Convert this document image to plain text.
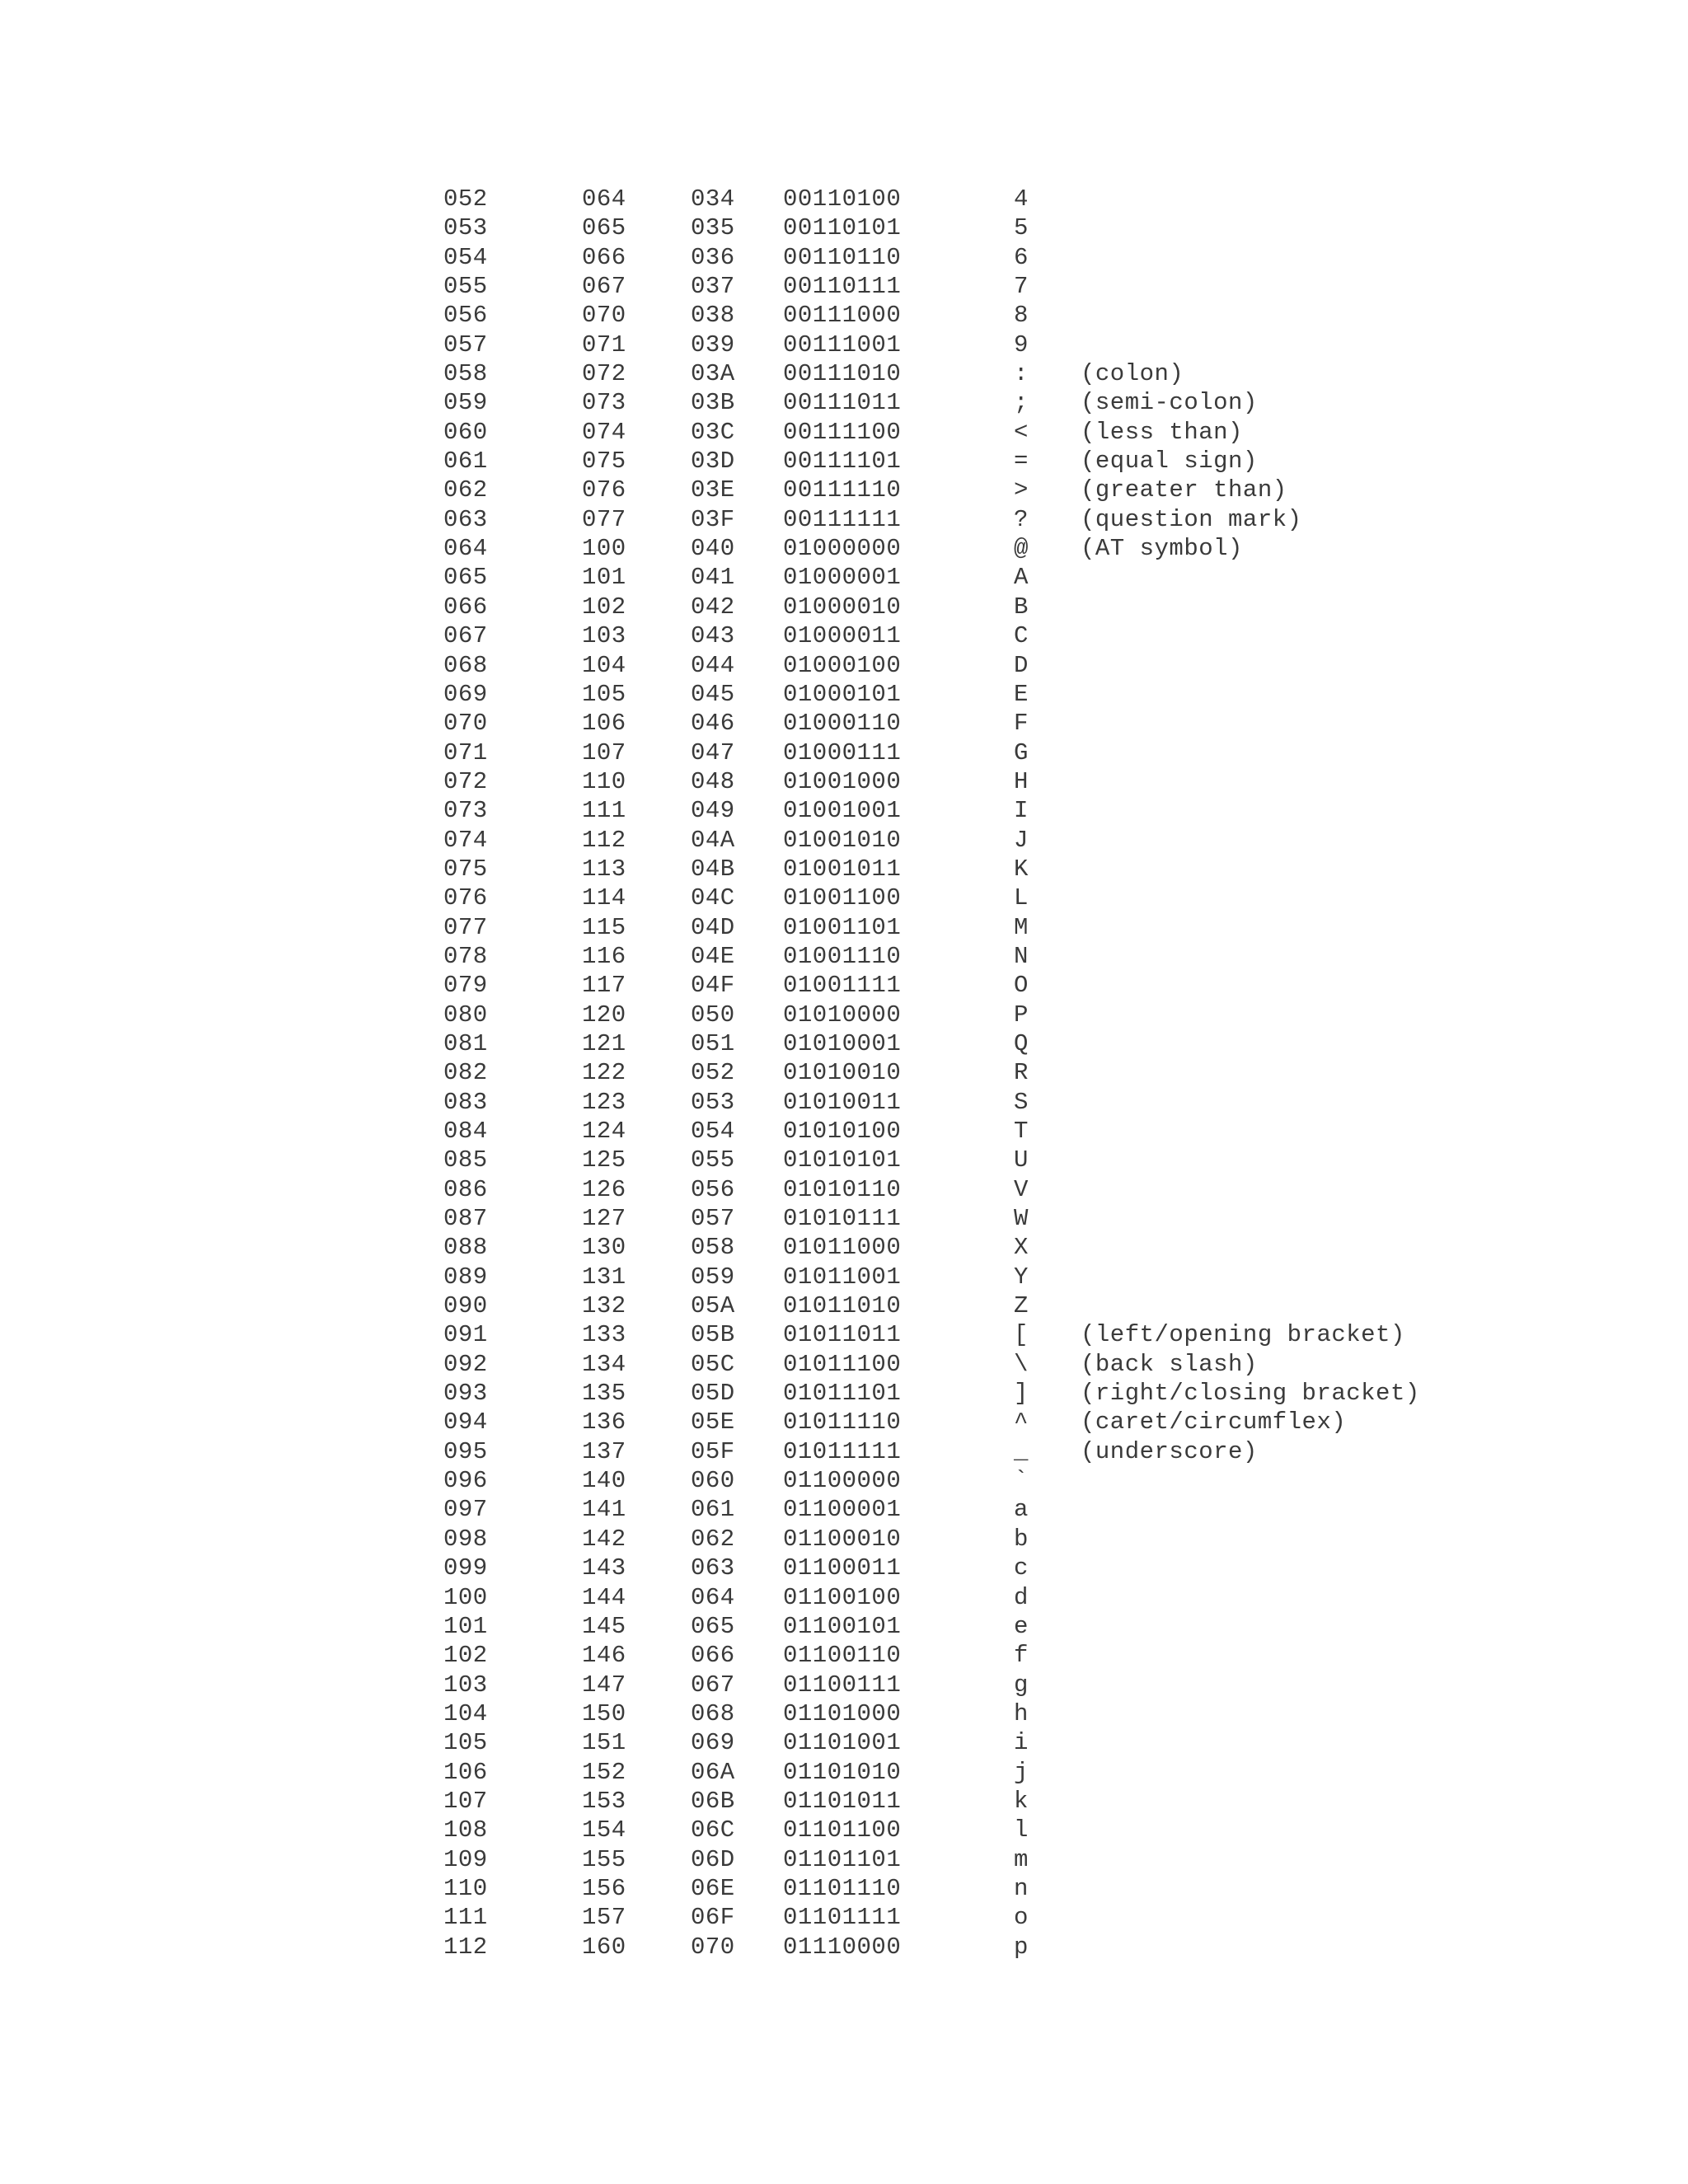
052	064	034 00110100	4
053	065	035 00110101	5
054	066	036 00110110	6
055	067	037 00110111	7
056	070	038 00111000	8
057	071	039 00111001	9
058	072	03A 00111010	: (colon)
059	073	03B 00111011	; (semi-colon)
060	074	03C 00111100	< (less than)
061	075	03D 00111101	= (equal sign)
062	076	03E 00111110	> (greater than)
063	077	03F 00111111	? (question mark)
064	100	040 01000000	@ (AT symbol)
065	101	041 01000001	A
066	102	042 01000010	B
067	103	043 01000011	C
068	104	044 01000100	D
069	105	045 01000101	E
070	106	046 01000110	F
071	107	047 01000111	G
072	110	048 01001000	H
073	111	049 01001001	I
074	112	04A 01001010	J
075	113	04B 01001011	K
076	114	04C 01001100	L
077	115	04D 01001101	M
078	116	04E 01001110	N
079	117	04F 01001111	O
080	120	050 01010000	P
081	121	051 01010001	Q
082	122	052 01010010	R
083	123	053 01010011	S
084	124	054 01010100	T
085	125	055 01010101	U
086	126	056 01010110	V
087	127	057 01010111	W
088	130	058 01011000	X
089	131	059 01011001	Y
090	132	05A 01011010	Z
091	133	05B 01011011	[ (left/opening bracket)
092	134	05C 01011100	\ (back slash)
093	135	05D 01011101	] (right/closing bracket)
094	136	05E 01011110	^ (caret/circumflex)
095	137	05F 01011111	_ (underscore)
096	140	060 01100000	`
097	141	061 01100001	a
098	142	062 01100010	b
099	143	063 01100011	c
100	144	064 01100100	d
101	145	065 01100101	e
102	146	066 01100110	f
103	147	067 01100111	g
104	150	068 01101000	h
105	151	069 01101001	i
106	152	06A 01101010	j
107	153	06B 01101011	k
108	154	06C 01101100	l
109	155	06D 01101101	m
110	156	06E 01101110	n
111	157	06F 01101111	o
112	160	070 01110000	p
